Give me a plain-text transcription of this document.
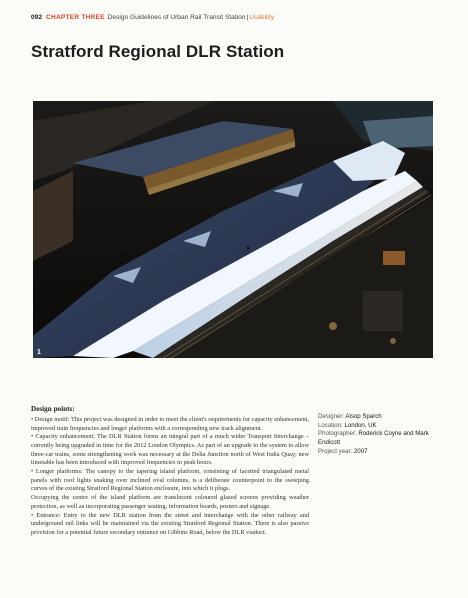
092 CHAPTER THREE Design Guidelines of Urban Rail Transit Station|Usability
Stratford Regional DLR Station
1
Design points:

• Design motif: This project was designed in order to meet the client's requirements for capacity enhancement, improved train frequencies and longer platforms with a corresponding new track alignment.

• Capacity enhancement: The DLR Station forms an integral part of a much wider Transport Interchange – currently being upgraded in time for the 2012 London Olympics. As part of an upgrade to the system to allow three-car trains, some strengthening work was necessary at the Delta Junction north of West India Quay; new timetable has been introduced with improved frequencies in peak hours.

• Longer platforms: The canopy to the tapering island platform, consisting of facetted triangulated metal panels with roof lights snaking over inclined oval columns, is a deliberate counterpoint to the sweeping curves of the existing Stratford Regional Station enclosure, into which it plugs.

Occupying the centre of the island platform are translucent coloured glazed screens providing weather protection, as well as incorporating passenger seating, information boards, posters and signage.

• Entrance: Entry to the new DLR station from the street and interchange with the other railway and underground rail links will be maintained via the existing Stratford Regional Station. There is also passive provision for a potential future secondary entrance on Gibbins Road, below the DLR viaduct.

Designer: Alsop Sparch
Location: London, UK
Photographer: Roderick Coyne and Mark Endicott
Project year: 2007
